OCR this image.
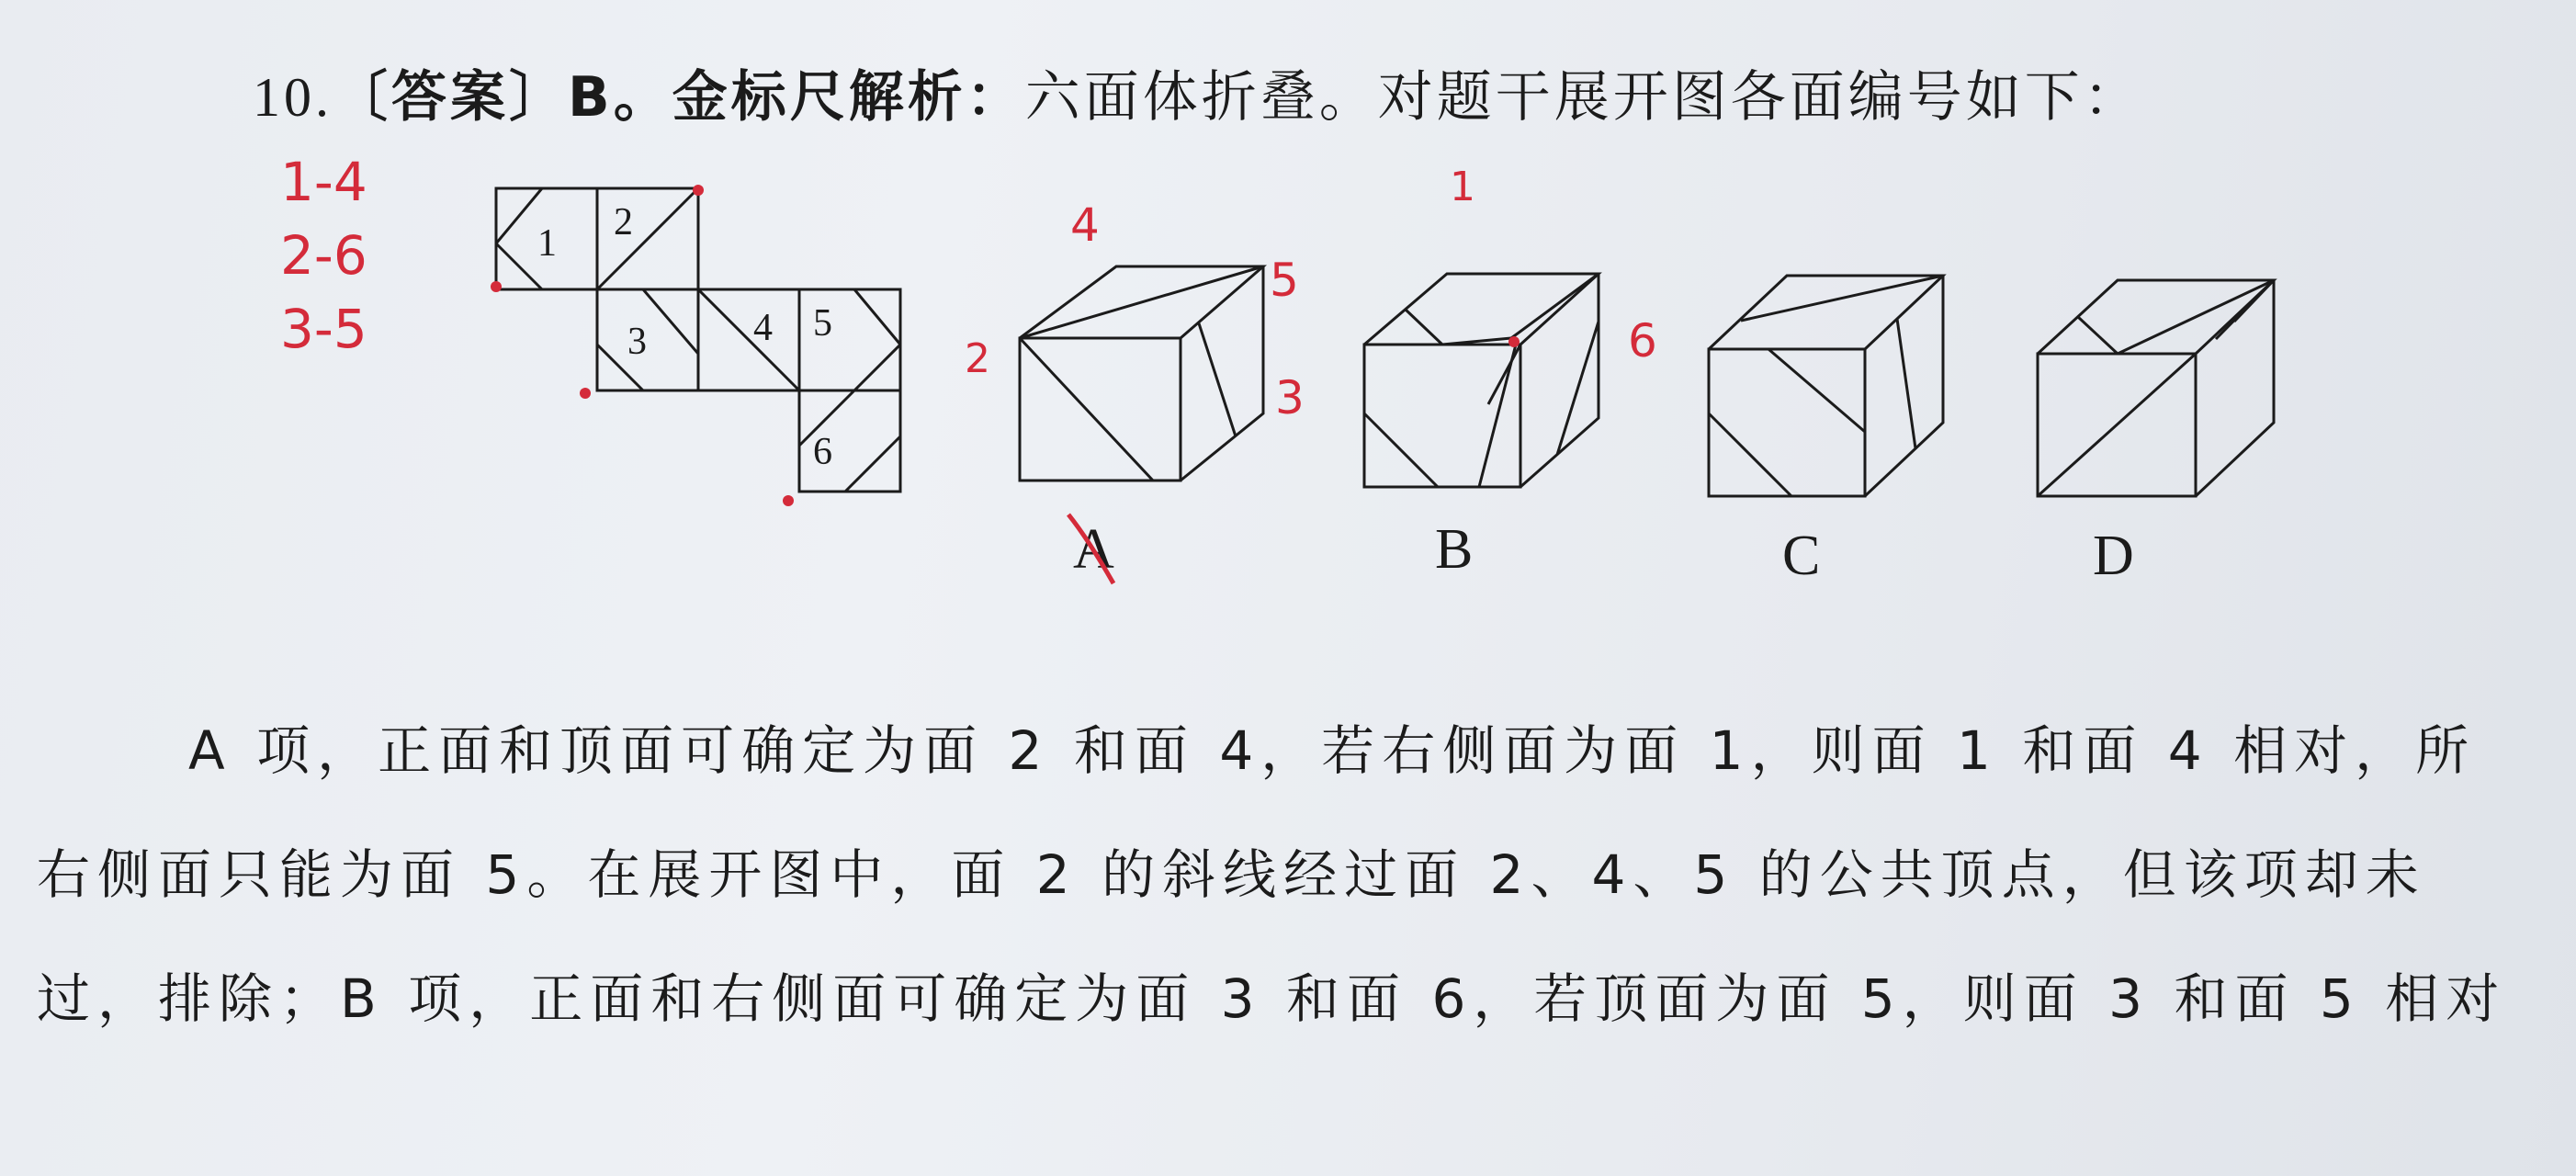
10.〔答案〕B。金标尺解析：六面体折叠。对题干展开图各面编号如下：
1-4
2-6
3-5
1 2
3	4 5
6
4
5
2
3
1
6
A	B	C	D
A 项，正面和顶面可确定为面 2 和面 4，若右侧面为面 1，则面 1 和面 4 相对，所
右侧面只能为面 5。在展开图中，面 2 的斜线经过面 2、4、5 的公共顶点，但该项却未
过，排除；B 项，正面和右侧面可确定为面 3 和面 6，若顶面为面 5，则面 3 和面 5 相对
